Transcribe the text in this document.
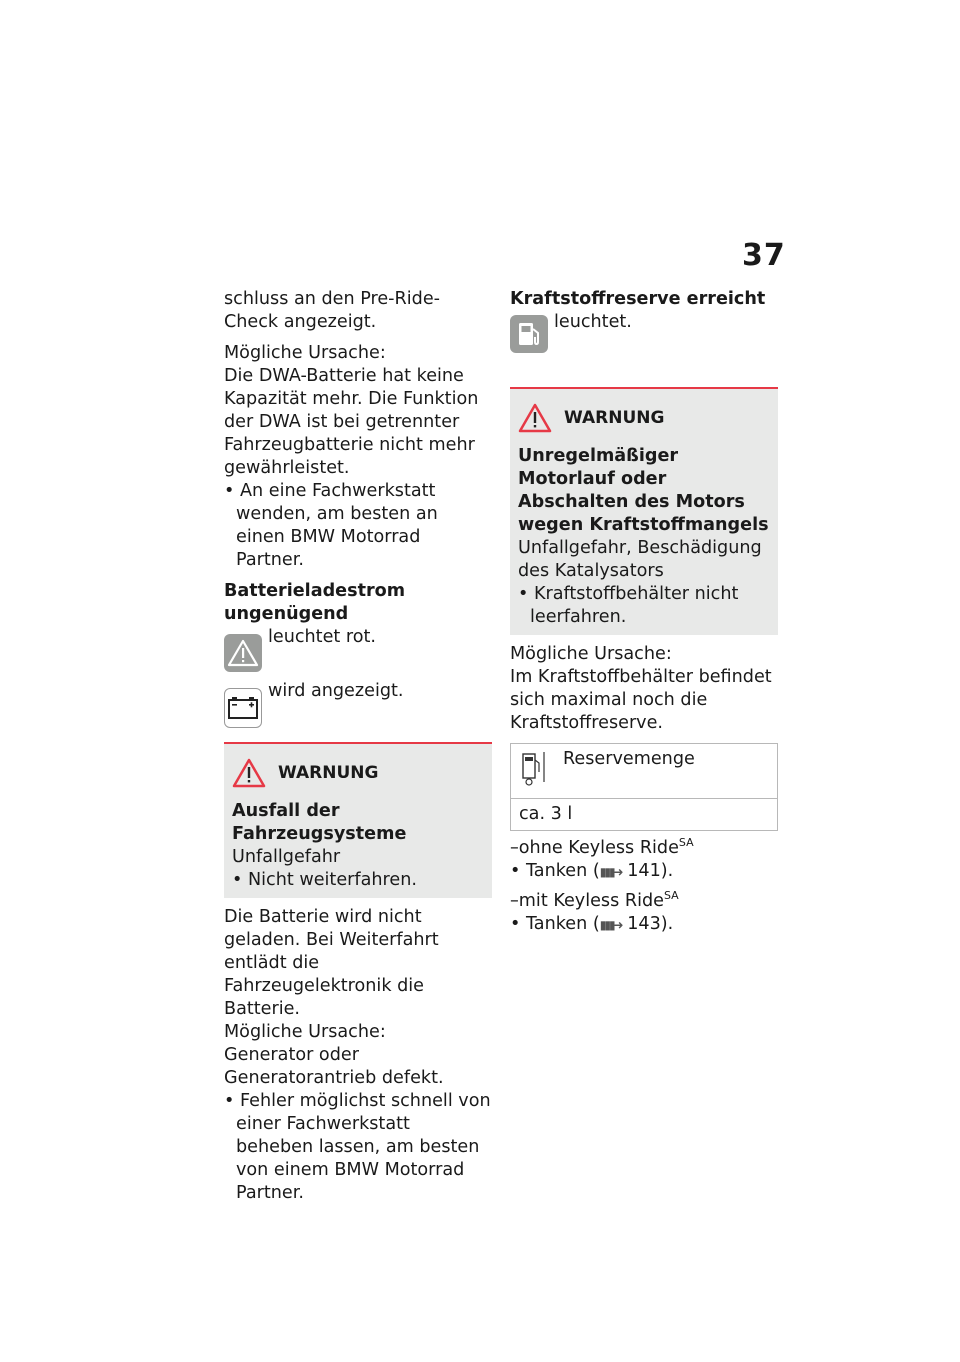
37

schluss an den Pre-Ride-Check angezeigt.

Mögliche Ursache:

Die DWA-Batterie hat keine Kapazität mehr. Die Funktion der DWA ist bei getrennter Fahrzeugbatterie nicht mehr gewährleistet.

• An eine Fachwerkstatt wenden, am besten an einen BMW Motorrad Partner.

Batterieladestrom ungenügend

leuchtet rot.

wird angezeigt.

WARNUNG

Ausfall der Fahrzeugsysteme

Unfallgefahr

• Nicht weiterfahren.

Die Batterie wird nicht geladen. Bei Weiterfahrt entlädt die Fahrzeugelektronik die Batterie.

Mögliche Ursache:

Generator oder Generatorantrieb defekt.

• Fehler möglichst schnell von einer Fachwerkstatt beheben lassen, am besten von einem BMW Motorrad Partner.

Kraftstoffreserve erreicht

leuchtet.

WARNUNG

Unregelmäßiger Motorlauf oder Abschalten des Motors wegen Kraftstoffmangels

Unfallgefahr, Beschädigung des Katalysators

• Kraftstoffbehälter nicht leerfahren.

Mögliche Ursache:

Im Kraftstoffbehälter befindet sich maximal noch die Kraftstoffreserve.

Reservemenge

ca. 3 l

–ohne Keyless Ride$^{SA}$

• Tanken (▮▮▮➜ 141).

–mit Keyless Ride$^{SA}$

• Tanken (▮▮▮➜ 143).
